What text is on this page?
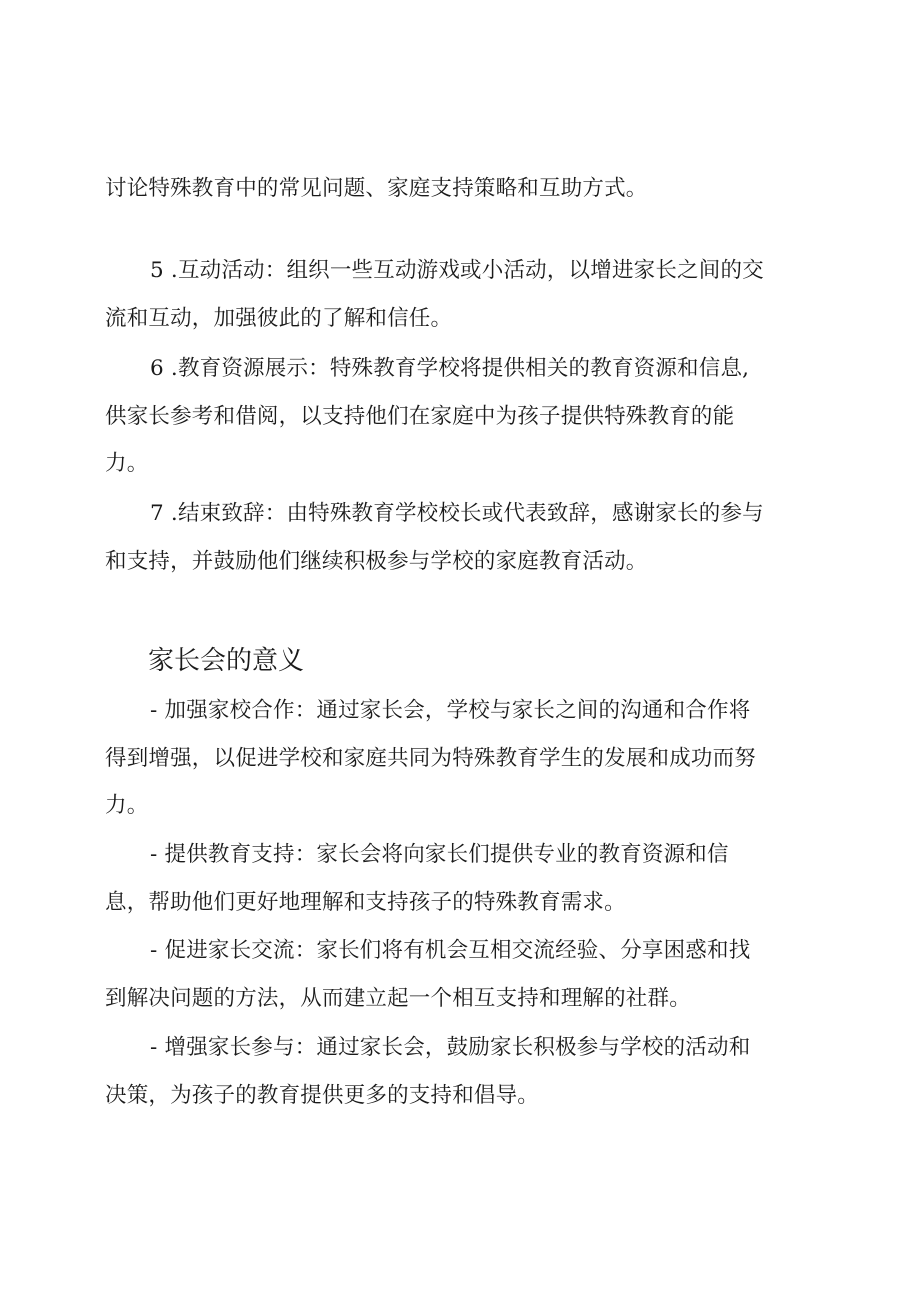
讨论特殊教育中的常见问题、家庭支持策略和互助方式。
5 .互动活动：组织一些互动游戏或小活动，以增进家长之间的交
流和互动，加强彼此的了解和信任。
6 .教育资源展示：特殊教育学校将提供相关的教育资源和信息,
供家长参考和借阅，以支持他们在家庭中为孩子提供特殊教育的能
力。
7 .结束致辞：由特殊教育学校校长或代表致辞，感谢家长的参与
和支持，并鼓励他们继续积极参与学校的家庭教育活动。
家长会的意义
- 加强家校合作：通过家长会，学校与家长之间的沟通和合作将
得到增强，以促进学校和家庭共同为特殊教育学生的发展和成功而努
力。
- 提供教育支持：家长会将向家长们提供专业的教育资源和信
息，帮助他们更好地理解和支持孩子的特殊教育需求。
- 促进家长交流：家长们将有机会互相交流经验、分享困惑和找
到解决问题的方法，从而建立起一个相互支持和理解的社群。
- 增强家长参与：通过家长会，鼓励家长积极参与学校的活动和
决策，为孩子的教育提供更多的支持和倡导。
